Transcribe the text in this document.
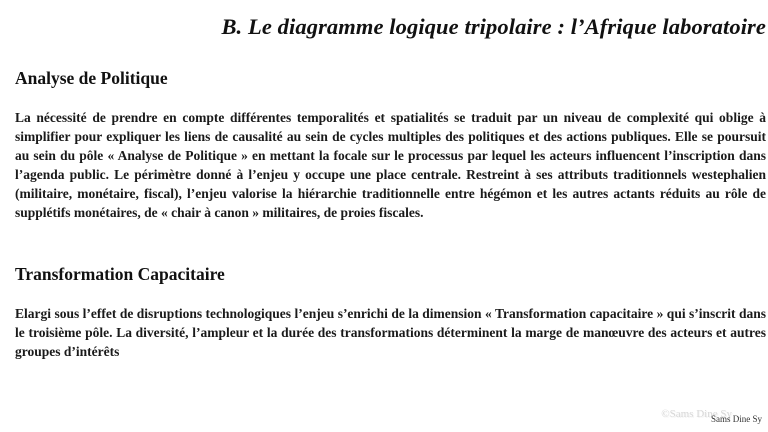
B. Le diagramme logique tripolaire : l’Afrique laboratoire
Analyse de Politique
La nécessité de prendre en compte différentes temporalités et spatialités se traduit par un niveau de complexité qui oblige à simplifier pour expliquer les liens de causalité au sein de cycles multiples des politiques et des actions publiques. Elle se poursuit au sein du pôle « Analyse de Politique » en mettant la focale sur le processus par lequel les acteurs influencent l’inscription dans l’agenda public. Le périmètre donné à l’enjeu y occupe une place centrale. Restreint à ses attributs traditionnels westephalien (militaire, monétaire, fiscal), l’enjeu valorise la hiérarchie traditionnelle entre hégémon et les autres actants réduits au rôle de supplétifs monétaires, de « chair à canon » militaires, de proies fiscales.
Transformation Capacitaire
Elargi sous l’effet de disruptions technologiques l’enjeu s’enrichi de la dimension « Transformation capacitaire » qui s’inscrit dans le troisième pôle. La diversité, l’ampleur et la durée des transformations déterminent la marge de manœuvre des acteurs et autres groupes d’intérêts
©Sams Dine Sy
Sams Dine Sy
